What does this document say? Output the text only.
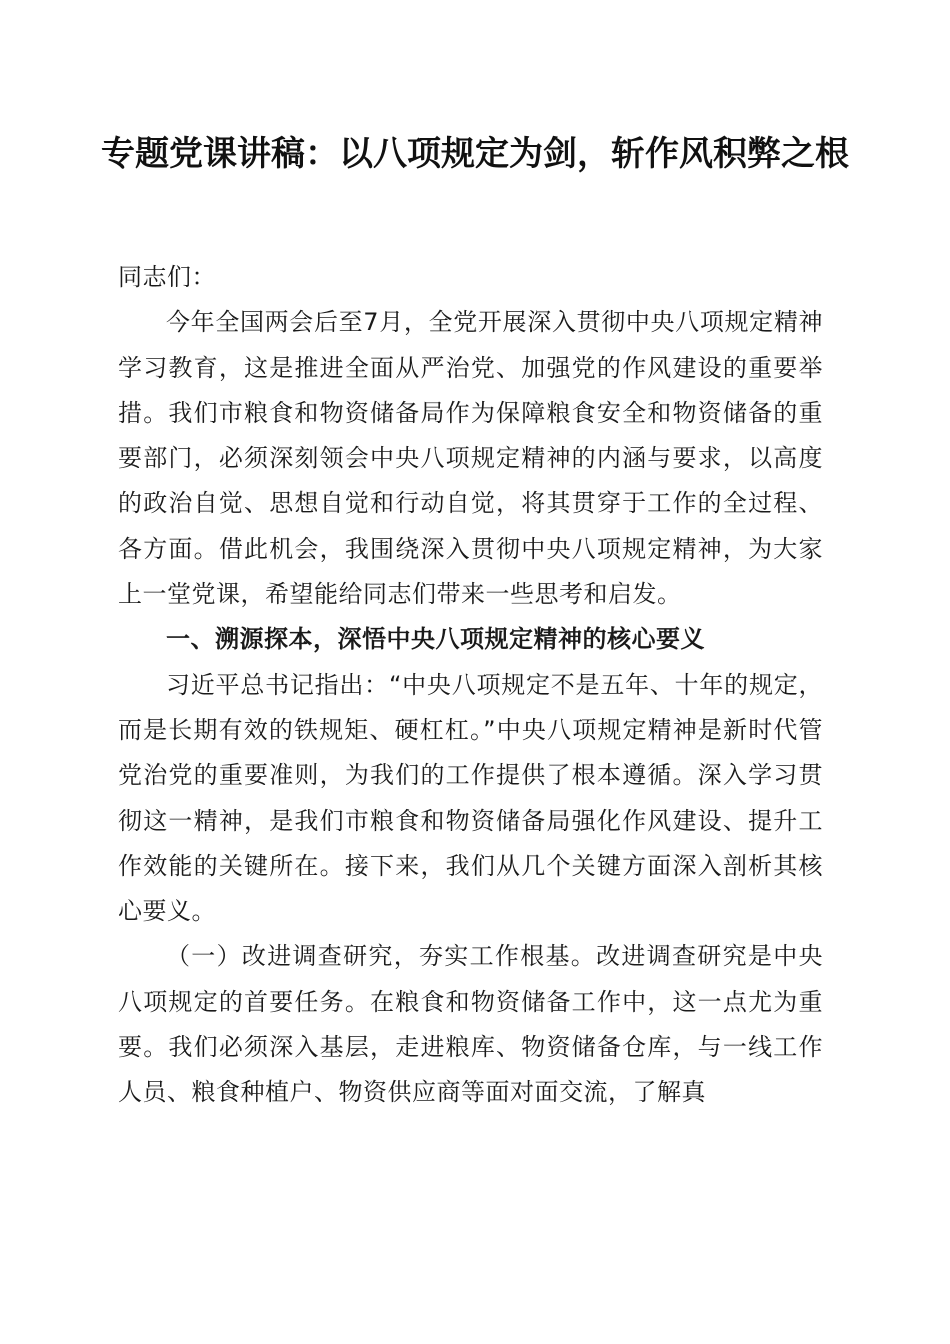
专题党课讲稿：以八项规定为剑，斩作风积弊之根

同志们：

今年全国两会后至7月，全党开展深入贯彻中央八项规定精神学习教育，这是推进全面从严治党、加强党的作风建设的重要举措。我们市粮食和物资储备局作为保障粮食安全和物资储备的重要部门，必须深刻领会中央八项规定精神的内涵与要求，以高度的政治自觉、思想自觉和行动自觉，将其贯穿于工作的全过程、各方面。借此机会，我围绕深入贯彻中央八项规定精神，为大家上一堂党课，希望能给同志们带来一些思考和启发。

一、溯源探本，深悟中央八项规定精神的核心要义

习近平总书记指出：“中央八项规定不是五年、十年的规定，而是长期有效的铁规矩、硬杠杠。”中央八项规定精神是新时代管党治党的重要准则，为我们的工作提供了根本遵循。深入学习贯彻这一精神，是我们市粮食和物资储备局强化作风建设、提升工作效能的关键所在。接下来，我们从几个关键方面深入剖析其核心要义。

（一）改进调查研究，夯实工作根基。改进调查研究是中央八项规定的首要任务。在粮食和物资储备工作中，这一点尤为重要。我们必须深入基层，走进粮库、物资储备仓库，与一线工作人员、粮食种植户、物资供应商等面对面交流，了解真
